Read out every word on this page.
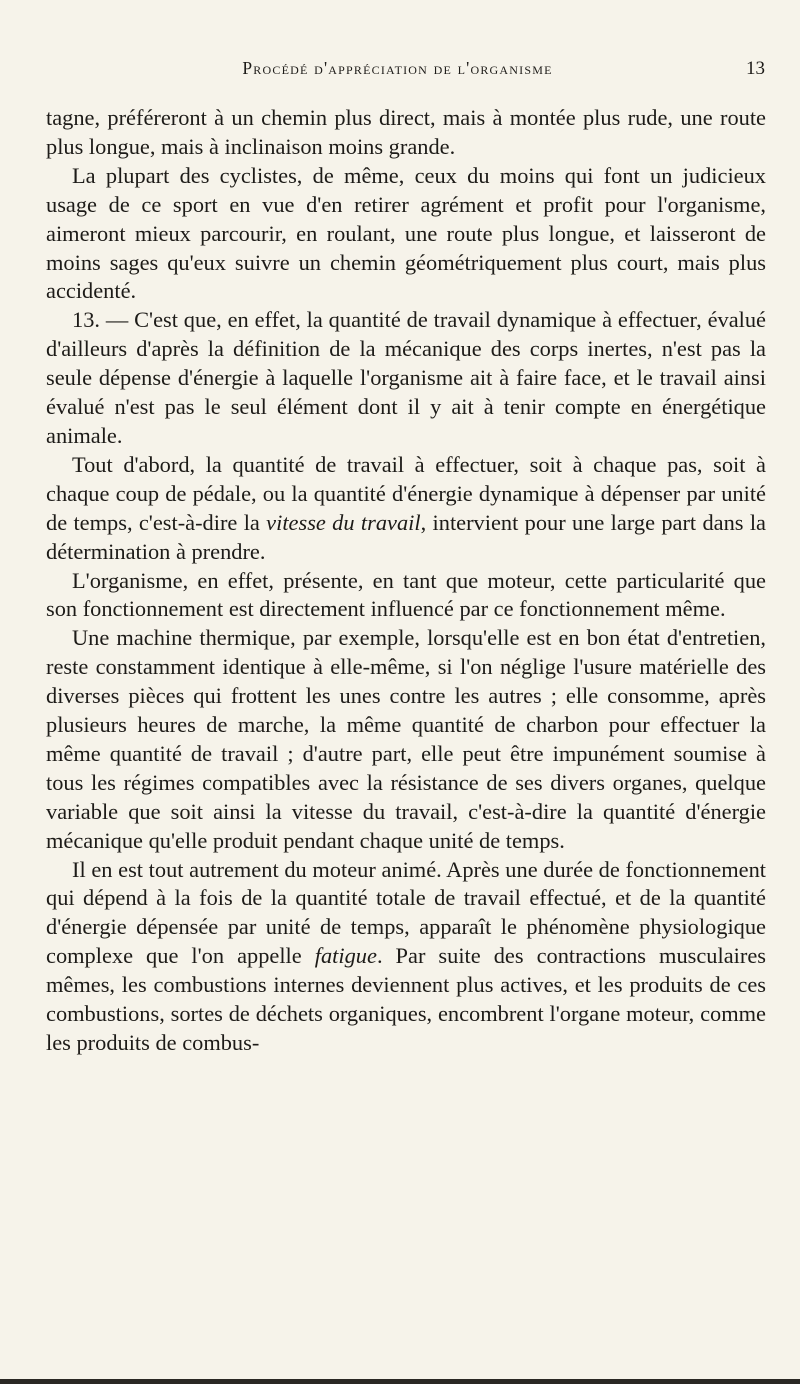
Procédé d'appréciation de l'organisme	13

tagne, préféreront à un chemin plus direct, mais à montée plus rude, une route plus longue, mais à inclinaison moins grande.

La plupart des cyclistes, de même, ceux du moins qui font un judicieux usage de ce sport en vue d'en retirer agrément et profit pour l'organisme, aimeront mieux parcourir, en roulant, une route plus longue, et laisseront de moins sages qu'eux suivre un chemin géométriquement plus court, mais plus accidenté.

13. — C'est que, en effet, la quantité de travail dynamique à effectuer, évalué d'ailleurs d'après la définition de la mécanique des corps inertes, n'est pas la seule dépense d'énergie à laquelle l'organisme ait à faire face, et le travail ainsi évalué n'est pas le seul élément dont il y ait à tenir compte en énergétique animale.

Tout d'abord, la quantité de travail à effectuer, soit à chaque pas, soit à chaque coup de pédale, ou la quantité d'énergie dynamique à dépenser par unité de temps, c'est-à-dire la vitesse du travail, intervient pour une large part dans la détermination à prendre.

L'organisme, en effet, présente, en tant que moteur, cette particularité que son fonctionnement est directement influencé par ce fonctionnement même.

Une machine thermique, par exemple, lorsqu'elle est en bon état d'entretien, reste constamment identique à elle-même, si l'on néglige l'usure matérielle des diverses pièces qui frottent les unes contre les autres ; elle consomme, après plusieurs heures de marche, la même quantité de charbon pour effectuer la même quantité de travail ; d'autre part, elle peut être impunément soumise à tous les régimes compatibles avec la résistance de ses divers organes, quelque variable que soit ainsi la vitesse du travail, c'est-à-dire la quantité d'énergie mécanique qu'elle produit pendant chaque unité de temps.

Il en est tout autrement du moteur animé. Après une durée de fonctionnement qui dépend à la fois de la quantité totale de travail effectué, et de la quantité d'énergie dépensée par unité de temps, apparaît le phénomène physiologique complexe que l'on appelle fatigue. Par suite des contractions musculaires mêmes, les combustions internes deviennent plus actives, et les produits de ces combustions, sortes de déchets organiques, encombrent l'organe moteur, comme les produits de combus-
